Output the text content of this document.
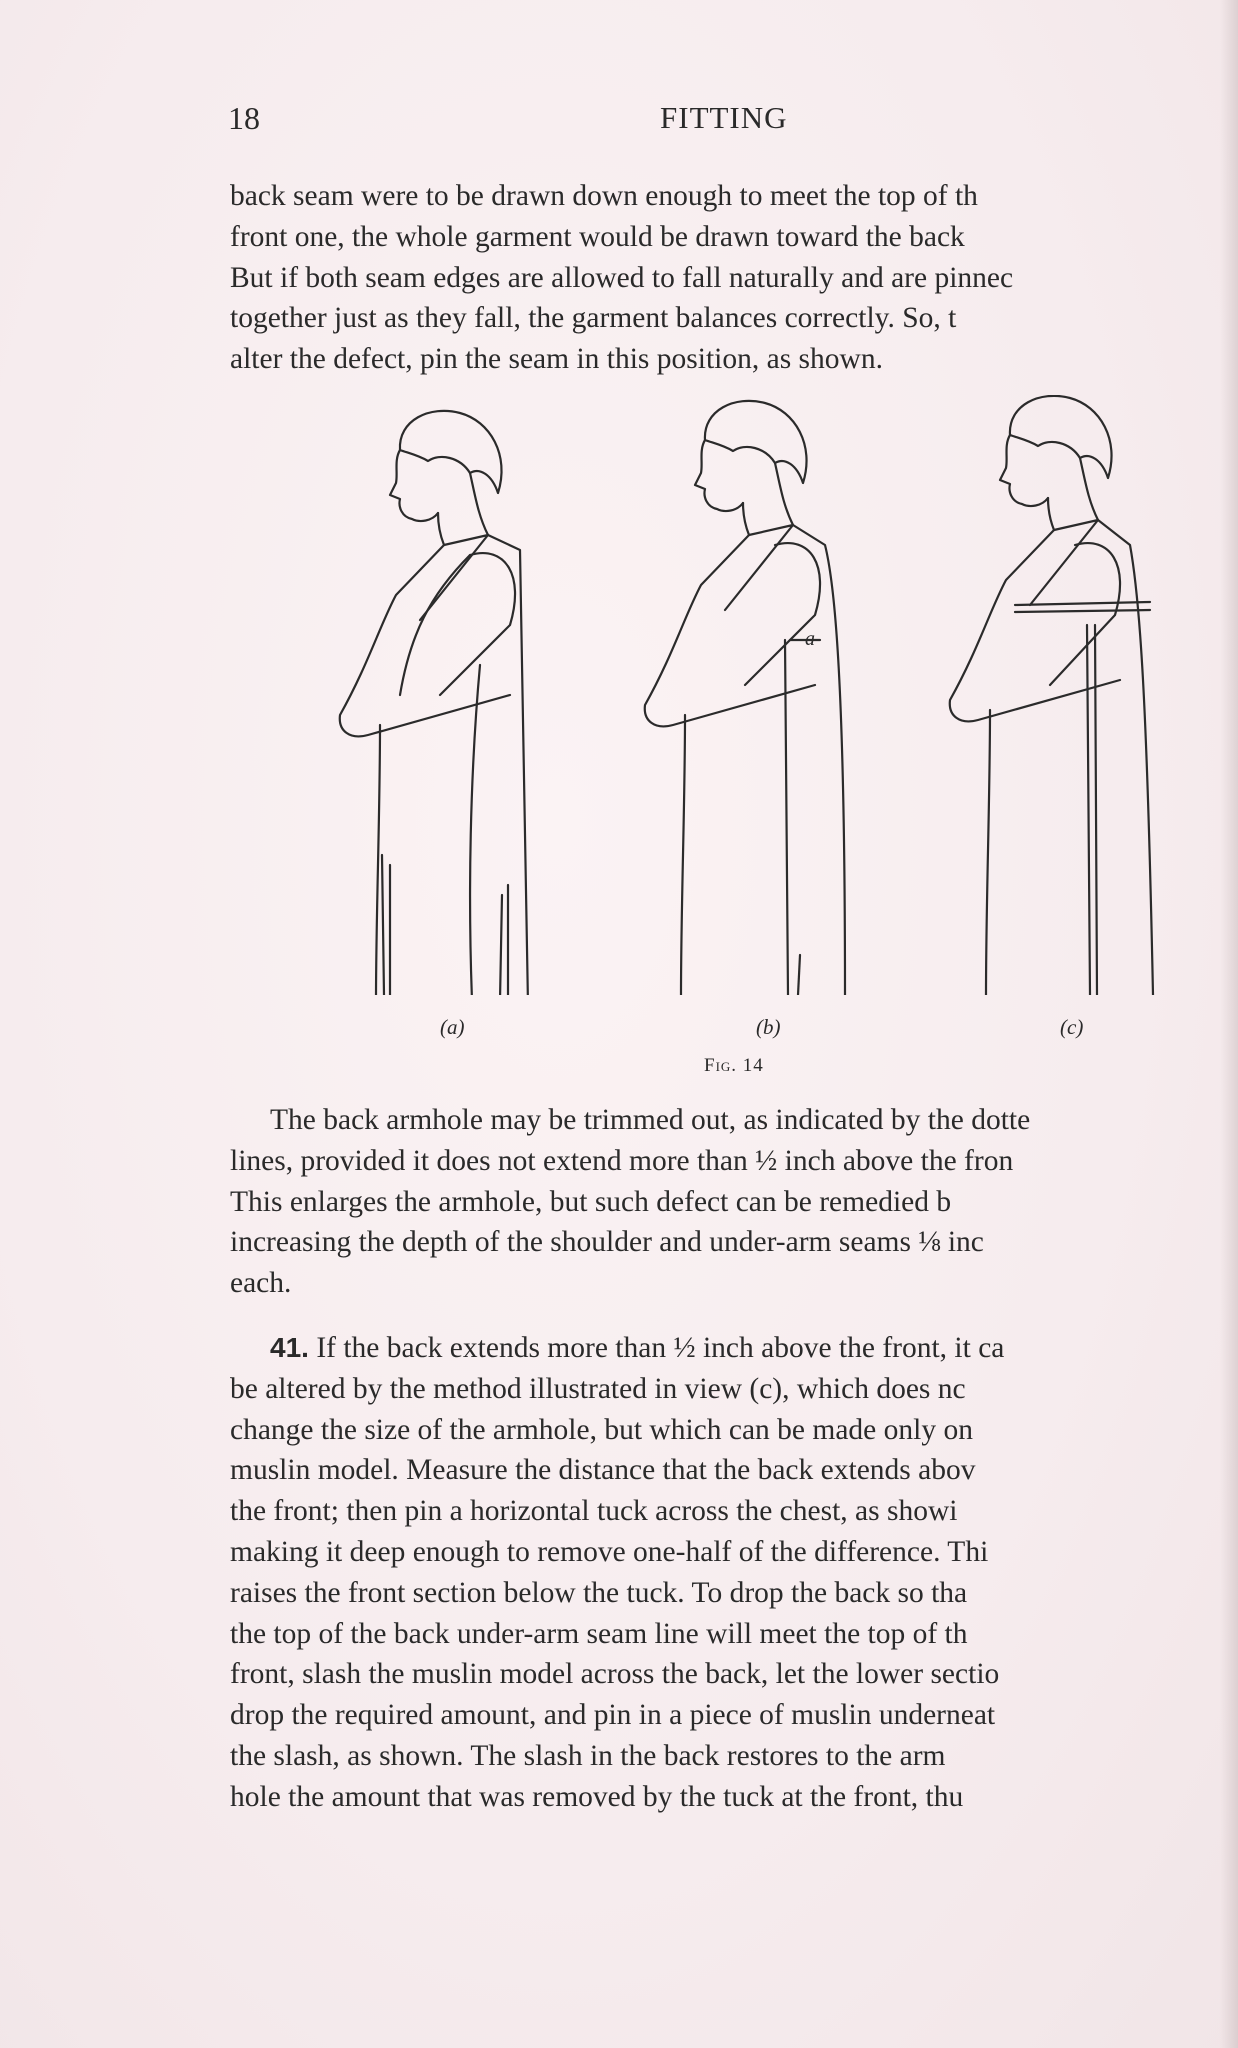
18	FITTING
back seam were to be drawn down enough to meet the top of th
front one, the whole garment would be drawn toward the back
But if both seam edges are allowed to fall naturally and are pinnec
together just as they fall, the garment balances correctly. So, t
alter the defect, pin the seam in this position, as shown.
a
(a)	(b)	(c)
Fig. 14
The back armhole may be trimmed out, as indicated by the dotte
lines, provided it does not extend more than ½ inch above the fron
This enlarges the armhole, but such defect can be remedied b
increasing the depth of the shoulder and under-arm seams ⅛ inc
each.
41. If the back extends more than ½ inch above the front, it ca
be altered by the method illustrated in view (c), which does nc
change the size of the armhole, but which can be made only on
muslin model. Measure the distance that the back extends abov
the front; then pin a horizontal tuck across the chest, as showi
making it deep enough to remove one-half of the difference. Thi
raises the front section below the tuck. To drop the back so tha
the top of the back under-arm seam line will meet the top of th
front, slash the muslin model across the back, let the lower sectio
drop the required amount, and pin in a piece of muslin underneat
the slash, as shown. The slash in the back restores to the arm
hole the amount that was removed by the tuck at the front, thu
